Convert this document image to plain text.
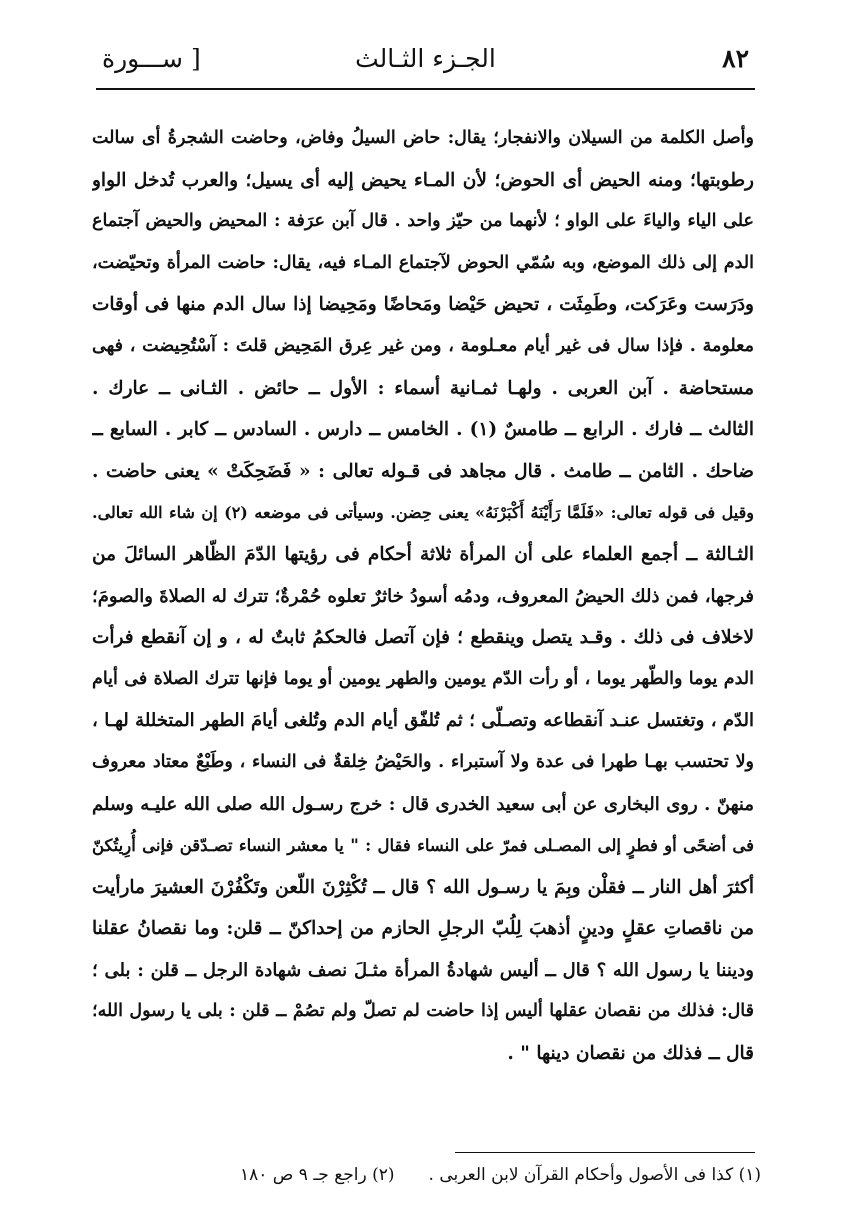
ســـورة ]	الجـزء الثـالث	٨٢
وأصل الكلمة من السيلان والانفجار؛ يقال: حاض السيلُ وفاض، وحاضت الشجرةُ أى سالت
رطوبتها؛ ومنه الحيض أى الحوض؛ لأن المـاء يحيض إليه أى يسيل؛ والعرب تُدخل الواو
على الياء والياءَ على الواو ؛ لأنهما من حيّز واحد . قال آبن عرَفة : المحيض والحيض آجتماع
الدم إلى ذلك الموضع، وبه سُمّي الحوض لآجتماع المـاء فيه، يقال: حاضت المرأة وتحيّضت،
ودَرَست وعَرَكت، وطَمِثَت ، تحيض حَيْضا ومَحاضًا ومَحِيضا إذا سال الدم منها فى أوقات
معلومة . فإذا سال فى غير أيام معـلومة ، ومن غير عِرق المَحِيض قلتَ : آسْتُحِيضت ، فهى
مستحاضة . آبن العربى . ولهـا ثمـانية أسماء : الأول ــ حائض . الثـانى ــ عارك .
الثالث ــ فارك . الرابع ــ طامسٌ (١) . الخامس ــ دارس . السادس ــ كابر . السابع ــ
ضاحك . الثامن ــ طامث . قال مجاهد فى قـوله تعالى : « فَضَحِكَتْ » يعنى حاضت .
وقيل فى قوله تعالى: «فَلَمَّا رَأَيْنَهُ أَكْبَرْنَهُ» يعنى حِضن. وسيأتى فى موضعه (٢) إن شاء الله تعالى.
الثـالثة ــ أجمع العلماء على أن المرأة ثلاثة أحكام فى رؤيتها الدّمَ الظّاهر السائلَ من
فرجها، فمن ذلك الحيضُ المعروف، ودمُه أسودُ خاثرٌ تعلوه حُمْرةٌ؛ تترك له الصلاةَ والصومَ؛
لاخلاف فى ذلك . وقـد يتصل وينقطع ؛ فإن آتصل فالحكمُ ثابتٌ له ، و إن آنقطع فرأت
الدم يوما والطّهر يوما ، أو رأت الدّم يومين والطهر يومين أو يوما فإنها تترك الصلاة فى أيام
الدّم ، وتغتسل عنـد آنقطاعه وتصـلّى ؛ ثم تُلفّق أيام الدم وتُلغى أيامَ الطهر المتخللة لهـا ،
ولا تحتسب بهـا طهرا فى عدة ولا آستبراء . والحَيْضُ خِلقةٌ فى النساء ، وطَبْعٌ معتاد معروف
منهنّ . روى البخارى عن أبى سعيد الخدرى قال : خرج رسـول الله صلى الله عليـه وسلم
فى أضحًى أو فطرٍ إلى المصـلى فمرّ على النساء فقال : " يا معشر النساء تصـدّقن فإنى أُرِيتُكنّ
أكثرَ أهل النار ــ فقلْن وبِمَ يا رسـول الله ؟ قال ــ تُكْثِرْنَ اللّعن وتَكْفُرْنَ العشيرَ مارأيت
من ناقصاتِ عقلٍ ودينٍ أذهبَ لِلُبّ الرجلِ الحازم من إحداكنّ ــ قلن: وما نقصانُ عقلنا
وديننا يا رسول الله ؟ قال ــ أليس شهادةُ المرأة مثـلَ نصف شهادة الرجل ــ قلن : بلى ؛
قال: فذلك من نقصان عقلها أليس إذا حاضت لم تصلّ ولم تصُمْ ــ قلن : بلى يا رسول الله؛
قال ــ فذلك من نقصان دينها " .
(١) كذا فى الأصول وأحكام القرآن لابن العربى .
(٢) راجع جـ ٩ ص ١٨٠
